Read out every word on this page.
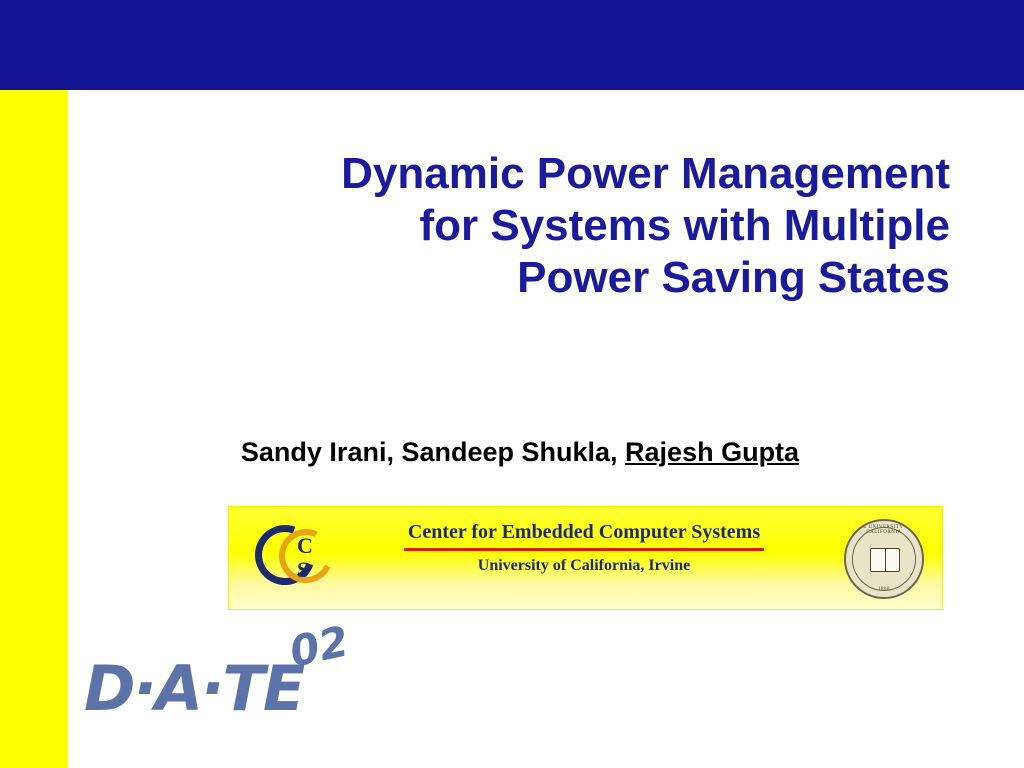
Dynamic Power Management
for Systems with Multiple
Power Saving States
Sandy Irani, Sandeep Shukla, Rajesh Gupta
C
S
Center for Embedded Computer Systems
University of California, Irvine
THE UNIVERSITY OF CALIFORNIA
1868
D·A·TΕ
02
